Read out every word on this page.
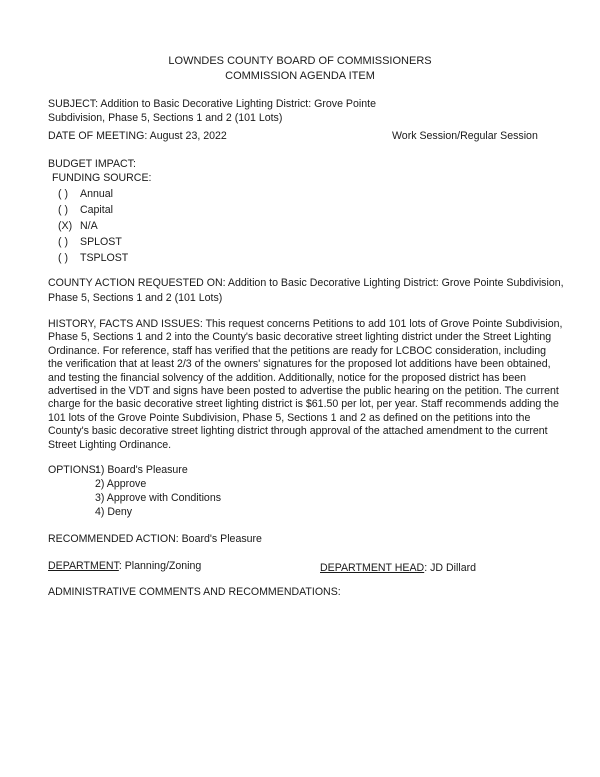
LOWNDES COUNTY BOARD OF COMMISSIONERS
COMMISSION AGENDA ITEM
SUBJECT: Addition to Basic Decorative Lighting District: Grove Pointe
Subdivision, Phase 5, Sections 1 and 2 (101 Lots)
DATE OF MEETING: August 23, 2022	Work Session/Regular Session
BUDGET IMPACT:
FUNDING SOURCE:
COUNTY ACTION REQUESTED ON: Addition to Basic Decorative Lighting District: Grove Pointe Subdivision,
Phase 5, Sections 1 and 2 (101 Lots)
OPTIONS:
RECOMMENDED ACTION: Board's Pleasure
DEPARTMENT: Planning/Zoning	DEPARTMENT HEAD: JD Dillard
ADMINISTRATIVE COMMENTS AND RECOMMENDATIONS:
( ) Annual
( ) Capital
(X) N/A
( ) SPLOST
( ) TSPLOST
HISTORY, FACTS AND ISSUES: This request concerns Petitions to add 101 lots of Grove Pointe Subdivision,
Phase 5, Sections 1 and 2 into the County's basic decorative street lighting district under the Street Lighting
Ordinance. For reference, staff has verified that the petitions are ready for LCBOC consideration, including
the verification that at least 2/3 of the owners' signatures for the proposed lot additions have been obtained,
and testing the financial solvency of the addition. Additionally, notice for the proposed district has been
advertised in the VDT and signs have been posted to advertise the public hearing on the petition. The current
charge for the basic decorative street lighting district is $61.50 per lot, per year. Staff recommends adding the
101 lots of the Grove Pointe Subdivision, Phase 5, Sections 1 and 2 as defined on the petitions into the
County's basic decorative street lighting district through approval of the attached amendment to the current
Street Lighting Ordinance.
1) Board's Pleasure
2) Approve
3) Approve with Conditions
4) Deny
